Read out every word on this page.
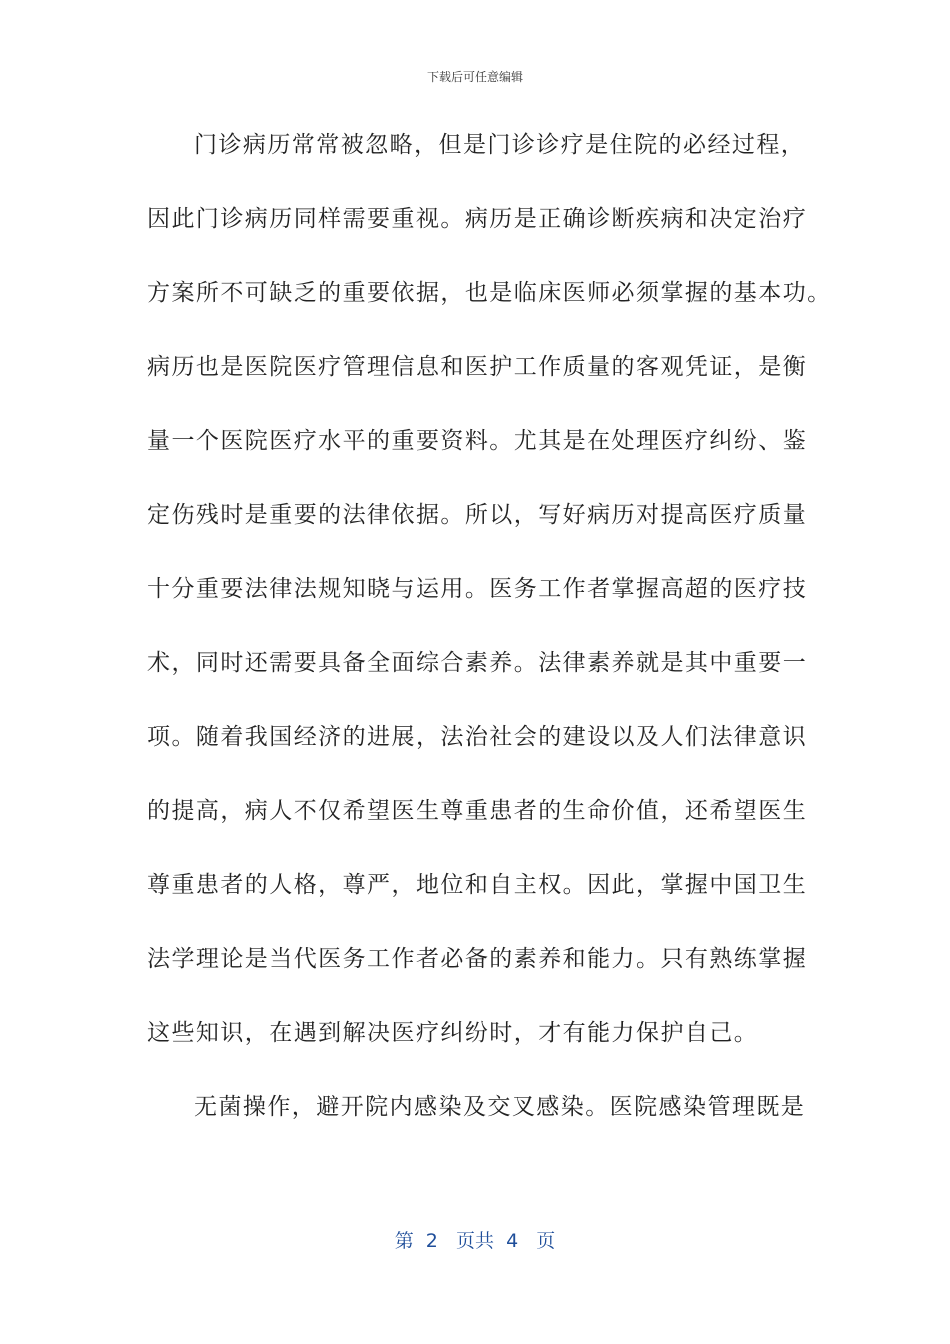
下载后可任意编辑
门诊病历常常被忽略，但是门诊诊疗是住院的必经过程，
因此门诊病历同样需要重视。病历是正确诊断疾病和决定治疗
方案所不可缺乏的重要依据，也是临床医师必须掌握的基本功。
病历也是医院医疗管理信息和医护工作质量的客观凭证，是衡
量一个医院医疗水平的重要资料。尤其是在处理医疗纠纷、鉴
定伤残时是重要的法律依据。所以，写好病历对提高医疗质量
十分重要法律法规知晓与运用。医务工作者掌握高超的医疗技
术，同时还需要具备全面综合素养。法律素养就是其中重要一
项。随着我国经济的进展，法治社会的建设以及人们法律意识
的提高，病人不仅希望医生尊重患者的生命价值，还希望医生
尊重患者的人格，尊严，地位和自主权。因此，掌握中国卫生
法学理论是当代医务工作者必备的素养和能力。只有熟练掌握
这些知识，在遇到解决医疗纠纷时，才有能力保护自己。
无菌操作，避开院内感染及交叉感染。医院感染管理既是
第  2   页共  4   页
